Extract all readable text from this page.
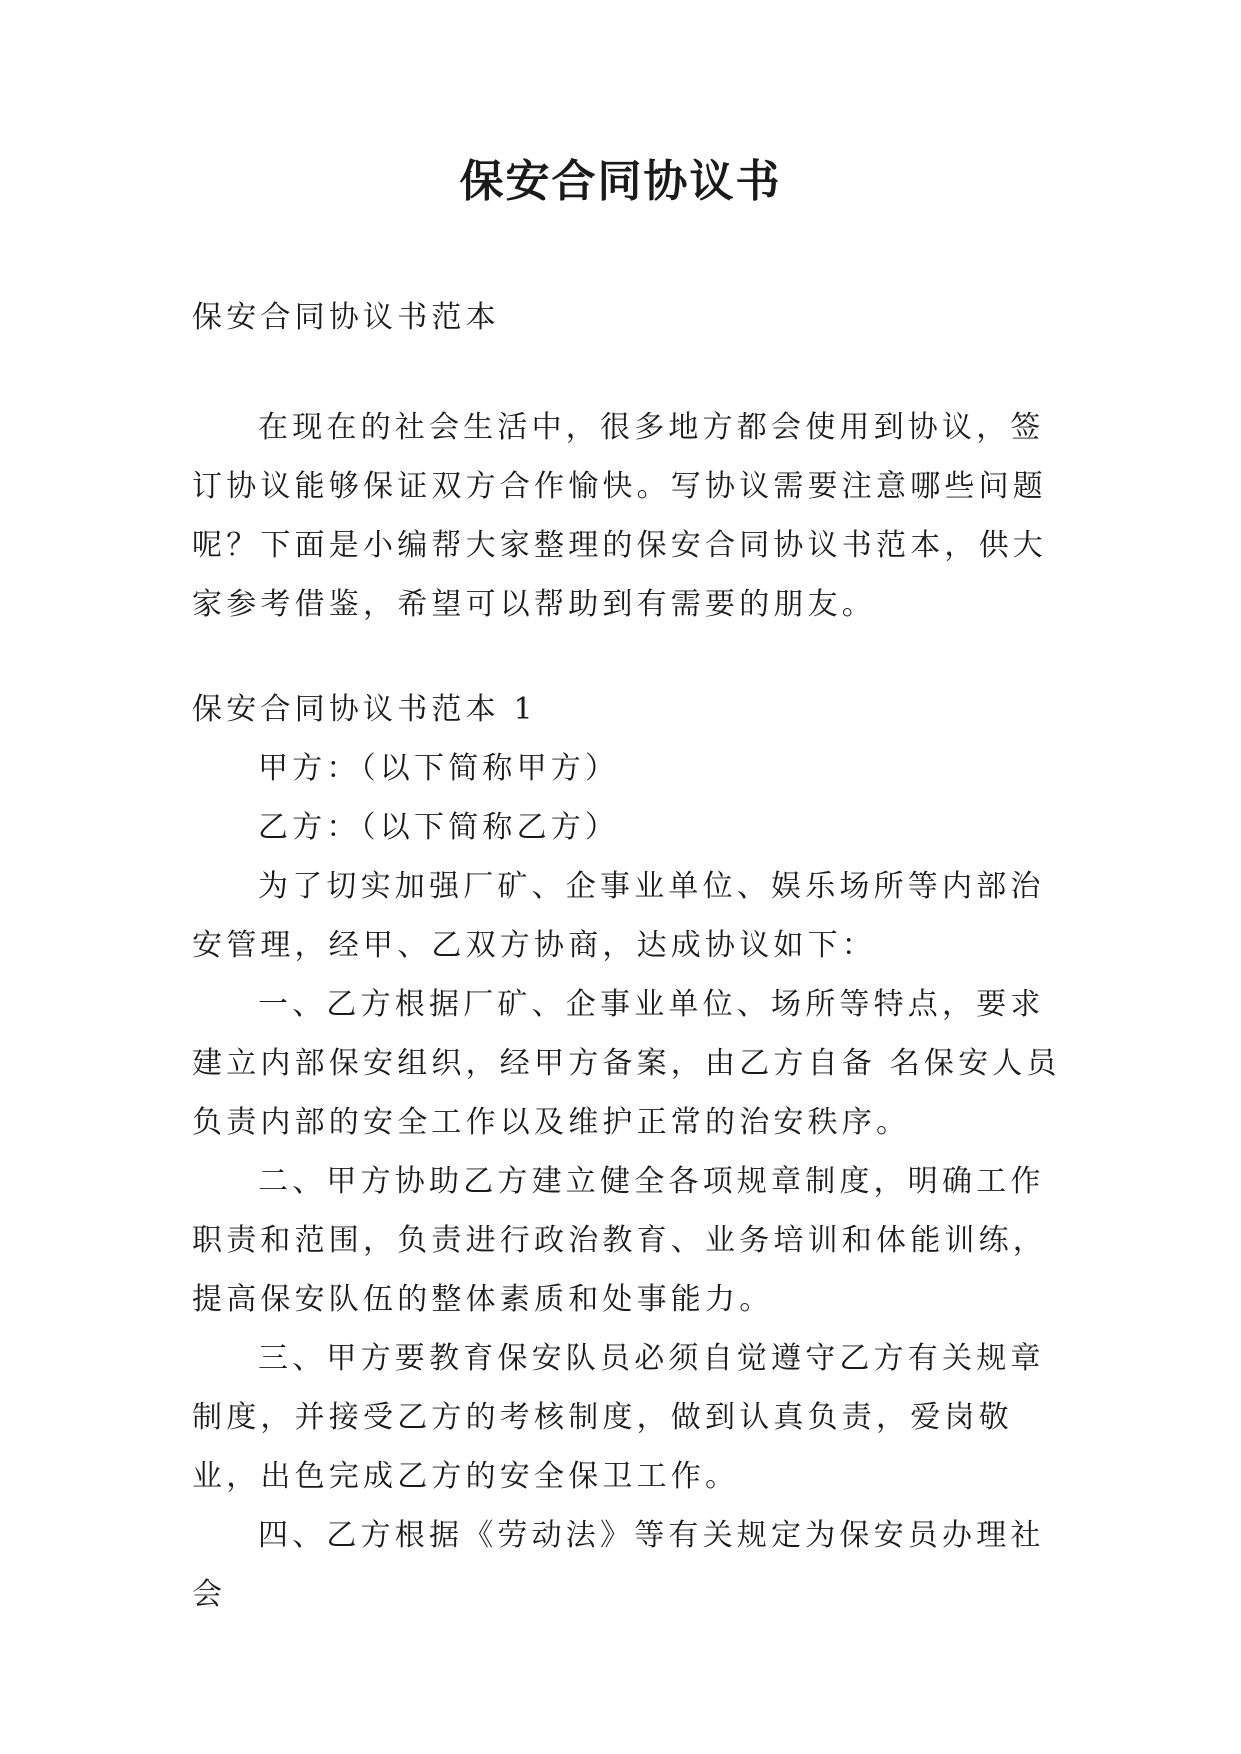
保安合同协议书

保安合同协议书范本

在现在的社会生活中，很多地方都会使用到协议，签订协议能够保证双方合作愉快。写协议需要注意哪些问题呢？下面是小编帮大家整理的保安合同协议书范本，供大家参考借鉴，希望可以帮助到有需要的朋友。

保安合同协议书范本 1

甲方：（以下简称甲方）

乙方：（以下简称乙方）

为了切实加强厂矿、企事业单位、娱乐场所等内部治安管理，经甲、乙双方协商，达成协议如下：

一、乙方根据厂矿、企事业单位、场所等特点，要求建立内部保安组织，经甲方备案，由乙方自备 名保安人员负责内部的安全工作以及维护正常的治安秩序。

二、甲方协助乙方建立健全各项规章制度，明确工作职责和范围，负责进行政治教育、业务培训和体能训练，提高保安队伍的整体素质和处事能力。

三、甲方要教育保安队员必须自觉遵守乙方有关规章制度，并接受乙方的考核制度，做到认真负责，爱岗敬业，出色完成乙方的安全保卫工作。

四、乙方根据《劳动法》等有关规定为保安员办理社会
